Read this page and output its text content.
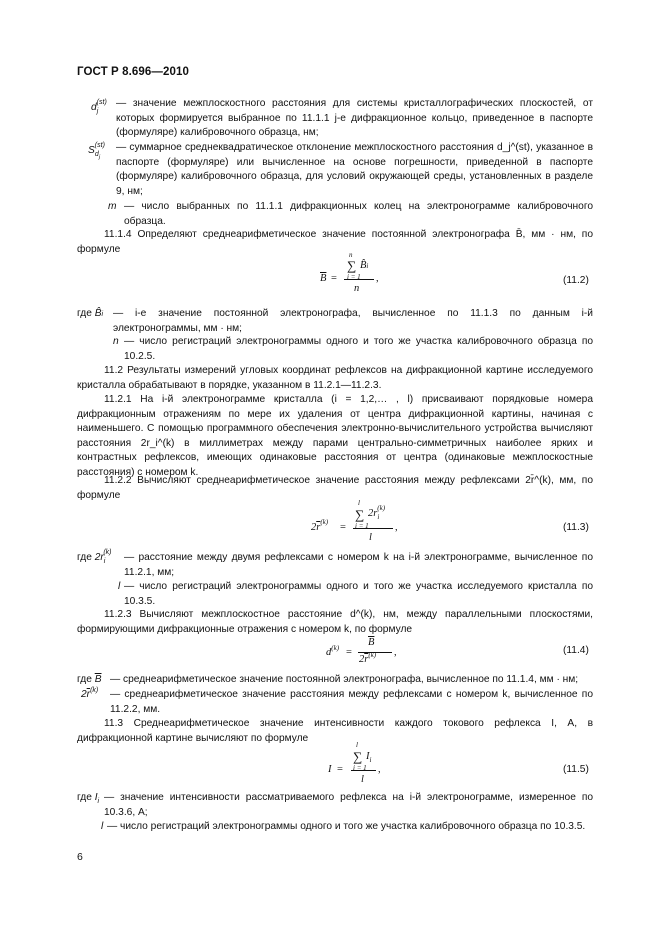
ГОСТ Р 8.696—2010
$d^{(st)}_j$
— значение межплоскостного расстояния для системы кристаллографических плоскостей, от которых формируется выбранное по 11.1.1 j-е дифракционное кольцо, приведенное в паспорте (формуляре) калибровочного образца, нм;
$S^{(st)}_{d_j}$
— суммарное среднеквадратическое отклонение межплоскостного расстояния d_j^(st), указанное в паспорте (формуляре) или вычисленное на основе погрешности, приведенной в паспорте (формуляре) калибровочного образца, для условий окружающей среды, установленных в разделе 9, нм;
m — число выбранных по 11.1.1 дифракционных колец на электронограмме калибровочного образца.
11.1.4 Определяют среднеарифметическое значение постоянной электронографа B̄, мм · нм, по формуле
$\overline{B}$ =
∑
n
i = 1
B̂i
n
,	(11.2)
где B̂i — i-е значение постоянной электронографа, вычисленное по 11.1.3 по данным i-й электронограммы, мм · нм;
n — число регистраций электронограммы одного и того же участка калибровочного образца по 10.2.5.
11.2 Результаты измерений угловых координат рефлексов на дифракционной картине исследуемого кристалла обрабатывают в порядке, указанном в 11.2.1—11.2.3.
11.2.1 На i-й электронограмме кристалла (i = 1,2,… , l) присваивают порядковые номера дифракционным отражениям по мере их удаления от центра дифракционной картины, начиная с наименьшего. С помощью программного обеспечения электронно-вычислительного устройства вычисляют расстояния 2r_i^(k) в миллиметрах между парами центрально-симметричных наиболее ярких и контрастных рефлексов, имеющих одинаковые расстояния от центра (одинаковые межплоскостные расстояния) с номером k.
11.2.2 Вычисляют среднеарифметическое значение расстояния между рефлексами 2r̄^(k), мм, по формуле
$2\overline{r}^{(k)}$ =
∑
l
i = 1
$2r_i^{(k)}$
l
,	(11.3)
где $2r_i^{(k)}$ — расстояние между двумя рефлексами с номером k на i-й электронограмме, вычисленное по 11.2.1, мм;
l — число регистраций электронограммы одного и того же участка исследуемого кристалла по 10.3.5.
11.2.3 Вычисляют межплоскостное расстояние d^(k), нм, между параллельными плоскостями, формирующими дифракционные отражения с номером k, по формуле
$d^{(k)}$ =
$\overline{B}$
$2\overline{r}^{(k)}$ ,	(11.4)
где $\overline{B}$ — среднеарифметическое значение постоянной электронографа, вычисленное по 11.1.4, мм · нм;
$2\overline{r}^{(k)}$ — среднеарифметическое значение расстояния между рефлексами с номером k, вычисленное по 11.2.2, мм.
11.3 Среднеарифметическое значение интенсивности каждого токового рефлекса I, А, в дифракционной картине вычисляют по формуле
I =
∑
l
i = 1
$I_i$
l
,	(11.5)
где $I_i$ — значение интенсивности рассматриваемого рефлекса на i-й электронограмме, измеренное по 10.3.6, А;
l — число регистраций электронограммы одного и того же участка калибровочного образца по 10.3.5.
6
